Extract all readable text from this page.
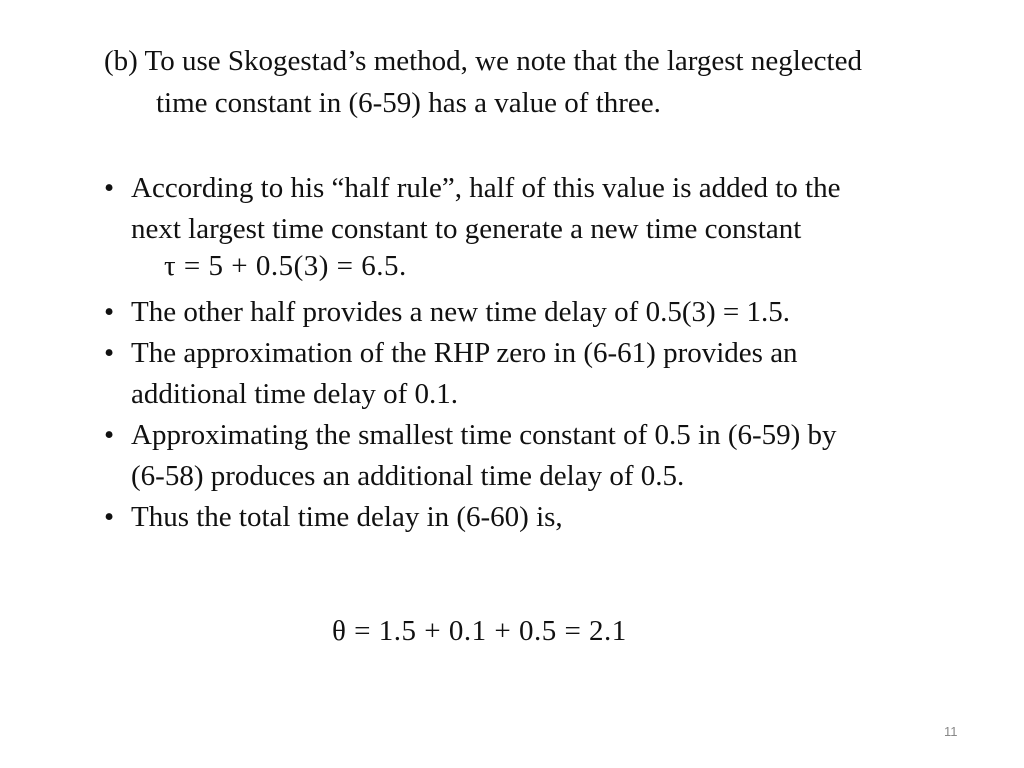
(b) To use Skogestad’s method, we note that the largest neglected
time constant in (6-59) has a value of three.
• According to his “half rule”, half of this value is added to the
next largest time constant to generate a new time constant
τ = 5 + 0.5(3) = 6.5.
• The other half provides a new time delay of 0.5(3) = 1.5.
• The approximation of the RHP zero in (6-61) provides an
additional time delay of 0.1.
• Approximating the smallest time constant of 0.5 in (6-59) by
(6-58) produces an additional time delay of 0.5.
• Thus the total time delay in (6-60) is,
θ = 1.5 + 0.1 + 0.5 = 2.1
11
